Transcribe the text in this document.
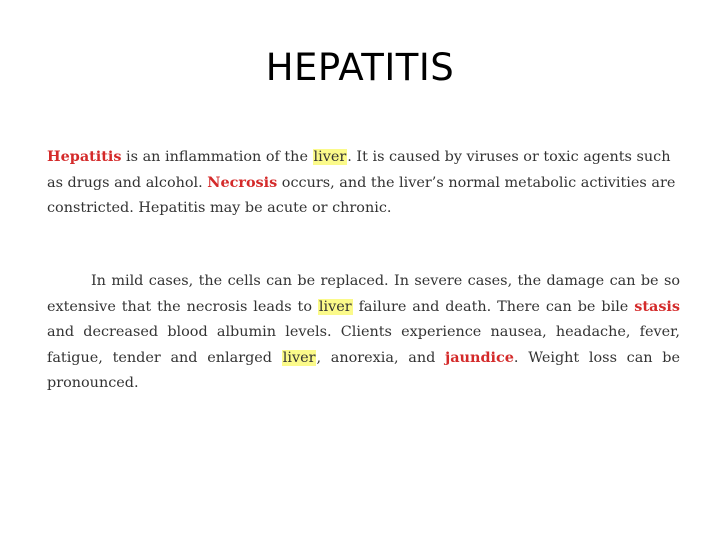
HEPATITIS

Hepatitis is an inflammation of the liver. It is caused by viruses or toxic agents such as drugs and alcohol. Necrosis occurs, and the liver’s normal metabolic activities are constricted. Hepatitis may be acute or chronic.

In mild cases, the cells can be replaced. In severe cases, the damage can be so extensive that the necrosis leads to liver failure and death. There can be bile stasis and decreased blood albumin levels. Clients experience nausea, headache, fever, fatigue, tender and enlarged liver, anorexia, and jaundice. Weight loss can be pronounced.
